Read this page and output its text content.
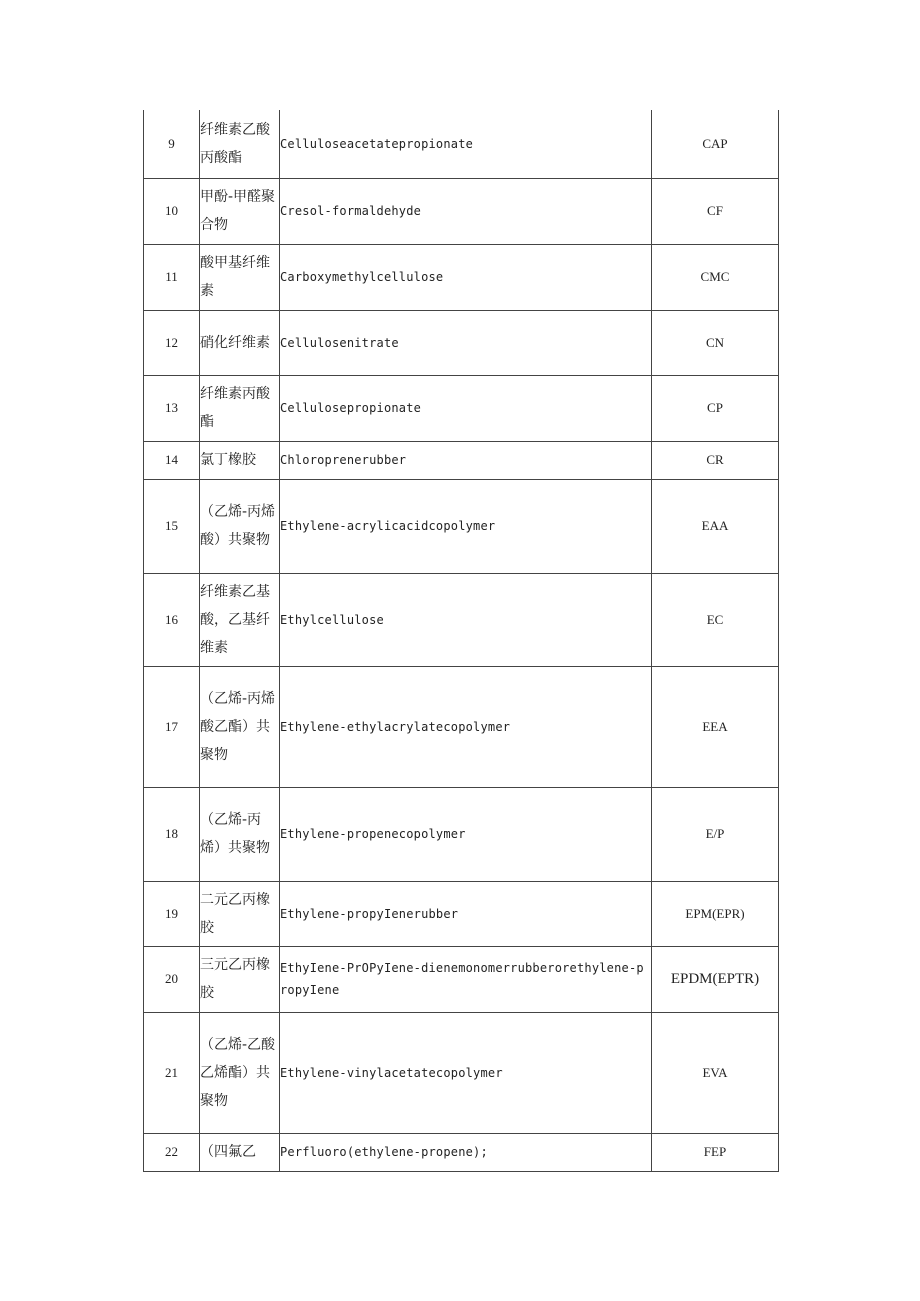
9	纤维素乙酸丙酸酯	Celluloseacetatepropionate	CAP
10	甲酚-甲醛聚合物	Cresol-formaldehyde	CF
11	酸甲基纤维素	Carboxymethylcellulose	CMC
12	硝化纤维素	Cellulosenitrate	CN
13	纤维素丙酸酯	Cellulosepropionate	CP
14	氯丁橡胶	Chloroprenerubber	CR
15	（乙烯-丙烯酸）共聚物	Ethylene-acrylicacidcopolymer	EAA
16	纤维素乙基酸，乙基纤维素	Ethylcellulose	EC
17	（乙烯-丙烯酸乙酯）共聚物	Ethylene-ethylacrylatecopolymer	EEA
18	（乙烯-丙烯）共聚物	Ethylene-propenecopolymer	E/P
19	二元乙丙橡胶	Ethylene-propyIenerubber	EPM(EPR)
20	三元乙丙橡胶	EthyIene-PrOPyIene-dienemonomerrubberorethylene-propyIene	EPDM(EPTR)
21	（乙烯-乙酸乙烯酯）共聚物	Ethylene-vinylacetatecopolymer	EVA
22	（四氟乙	Perfluoro(ethylene-propene);	FEP
